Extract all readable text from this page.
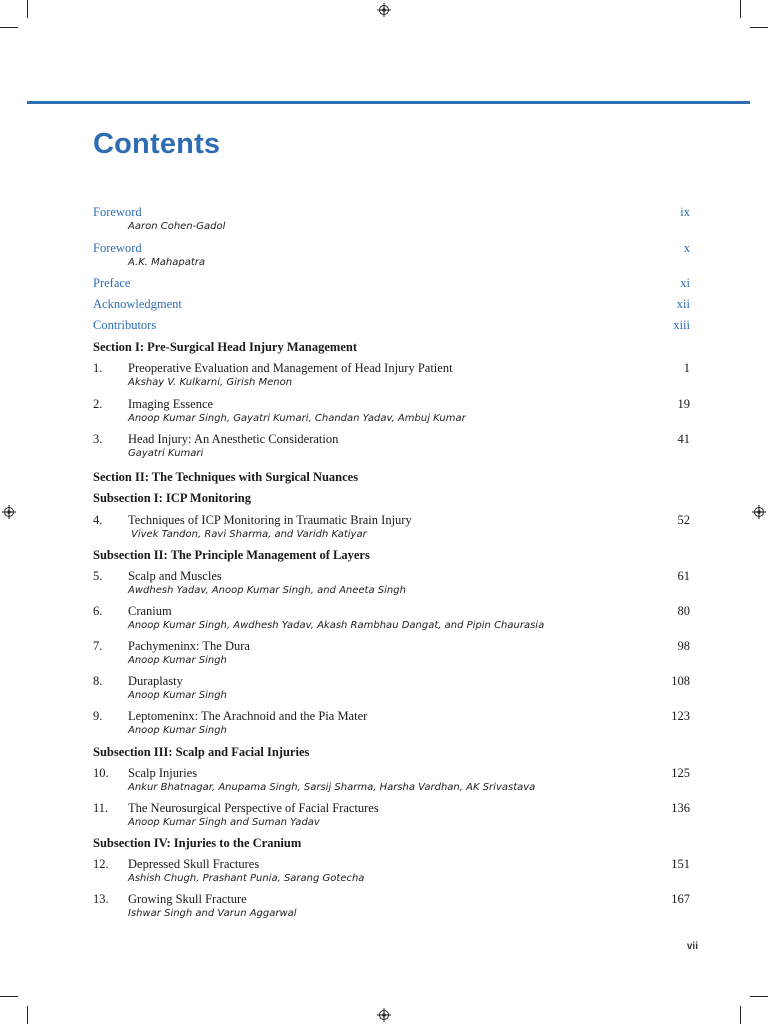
Contents
Foreword	ix
Aaron Cohen-Gadol
Foreword	x
A.K. Mahapatra
Preface	xi
Acknowledgment	xii
Contributors	xiii
Section I: Pre-Surgical Head Injury Management
1. Preoperative Evaluation and Management of Head Injury Patient	1
Akshay V. Kulkarni, Girish Menon
2. Imaging Essence	19
Anoop Kumar Singh, Gayatri Kumari, Chandan Yadav, Ambuj Kumar
3. Head Injury: An Anesthetic Consideration	41
Gayatri Kumari
Section II: The Techniques with Surgical Nuances
Subsection I: ICP Monitoring
4. Techniques of ICP Monitoring in Traumatic Brain Injury	52
Vivek Tandon, Ravi Sharma, and Varidh Katiyar
Subsection II: The Principle Management of Layers
5. Scalp and Muscles	61
Awdhesh Yadav, Anoop Kumar Singh, and Aneeta Singh
6. Cranium	80
Anoop Kumar Singh, Awdhesh Yadav, Akash Rambhau Dangat, and Pipin Chaurasia
7. Pachymeninx: The Dura	98
Anoop Kumar Singh
8. Duraplasty	108
Anoop Kumar Singh
9. Leptomeninx: The Arachnoid and the Pia Mater	123
Anoop Kumar Singh
Subsection III: Scalp and Facial Injuries
10. Scalp Injuries	125
Ankur Bhatnagar, Anupama Singh, Sarsij Sharma, Harsha Vardhan, AK Srivastava
11. The Neurosurgical Perspective of Facial Fractures	136
Anoop Kumar Singh and Suman Yadav
Subsection IV: Injuries to the Cranium
12. Depressed Skull Fractures	151
Ashish Chugh, Prashant Punia, Sarang Gotecha
13. Growing Skull Fracture	167
Ishwar Singh and Varun Aggarwal
vii
